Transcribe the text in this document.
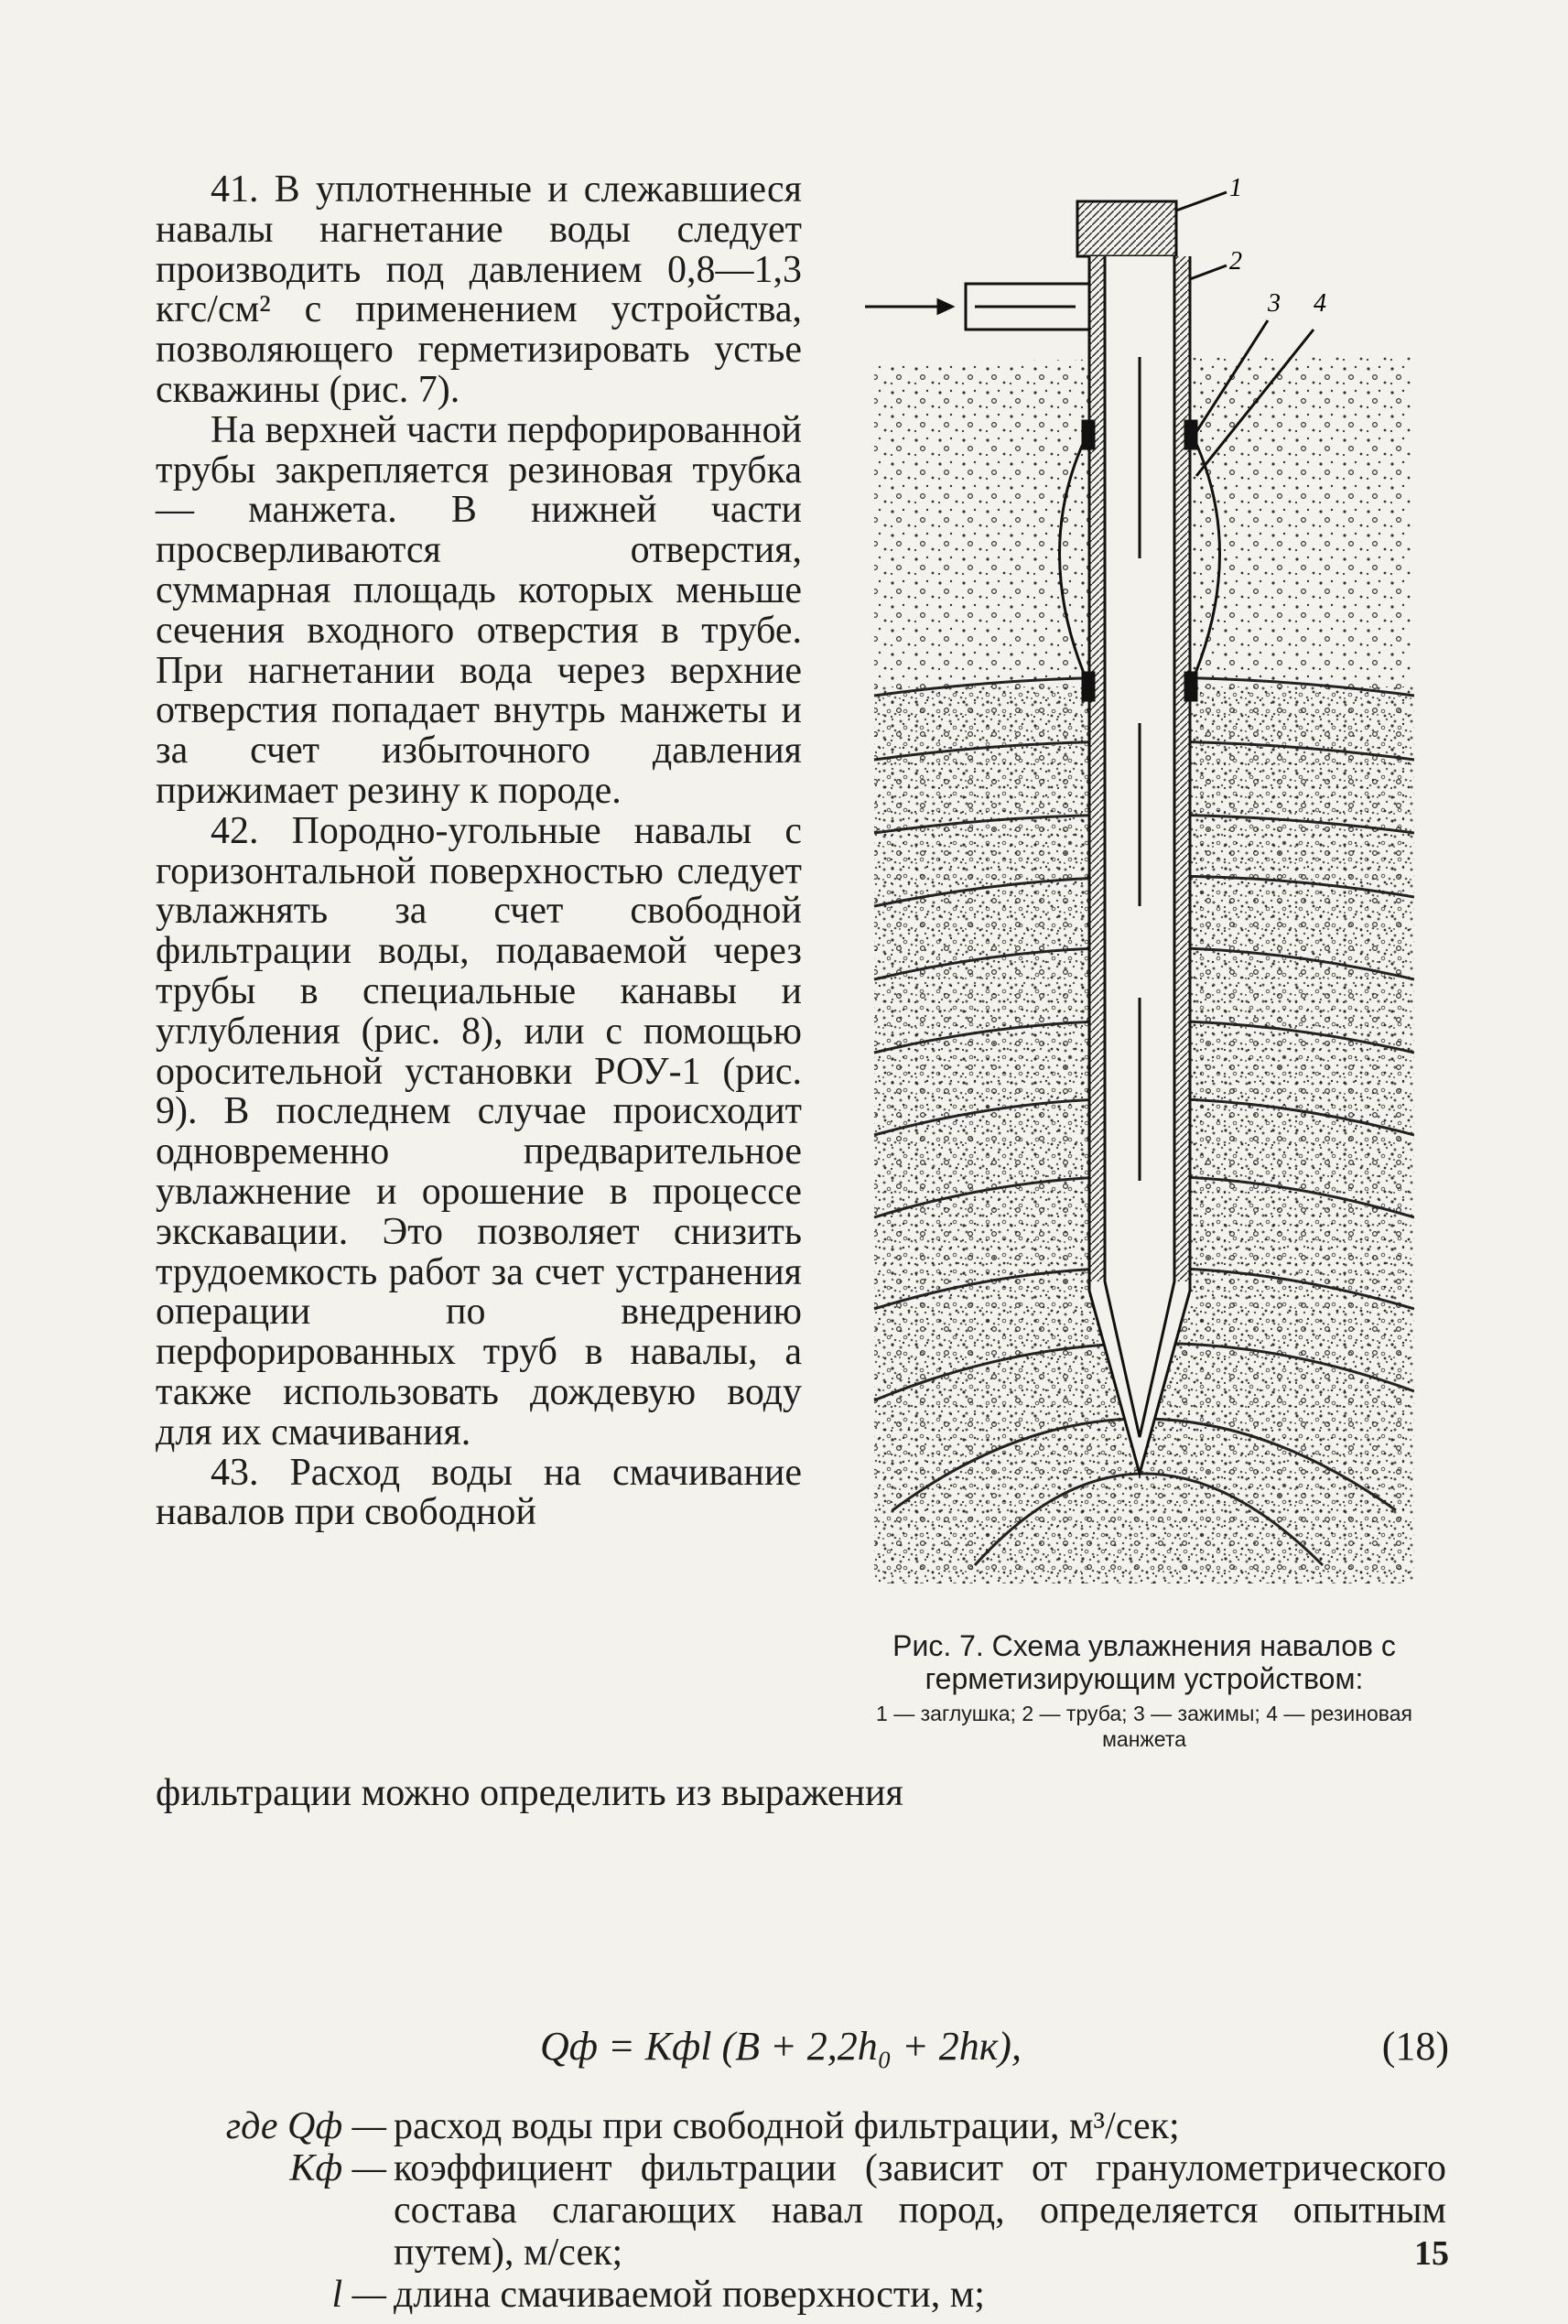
41. В уплотненные и слежавшиеся навалы нагнетание воды следует производить под давлением 0,8—1,3 кгс/см² с применением устройства, позволяющего герметизировать устье скважины (рис. 7).

На верхней части перфорированной трубы закрепляется резиновая трубка — манжета. В нижней части просверливаются отверстия, суммарная площадь которых меньше сечения входного отверстия в трубе. При нагнетании вода через верхние отверстия попадает внутрь манжеты и за счет избыточного давления прижимает резину к породе.

42. Породно-угольные навалы с горизонтальной поверхностью следует увлажнять за счет свободной фильтрации воды, подаваемой через трубы в специальные канавы и углубления (рис. 8), или с помощью оросительной установки РОУ-1 (рис. 9). В последнем случае происходит одновременно предварительное увлажнение и орошение в процессе экскавации. Это позволяет снизить трудоемкость работ за счет устранения операции по внедрению перфорированных труб в навалы, а также использовать дождевую воду для их смачивания.

43. Расход воды на смачивание навалов при свободной

фильтрации можно определить из выражения
1
2
3 4
Рис. 7. Схема увлажнения навалов с герметизирующим устройством:
1 — заглушка; 2 — труба; 3 — зажимы; 4 — резиновая манжета
Qф = Kфl (B + 2,2h₀ + 2hк),	(18)
где Qф — расход воды при свободной фильтрации, м³/сек;
Kф — коэффициент фильтрации (зависит от гранулометрического состава слагающих навал пород, определяется опытным путем), м/сек;
l — длина смачиваемой поверхности, м;
15
